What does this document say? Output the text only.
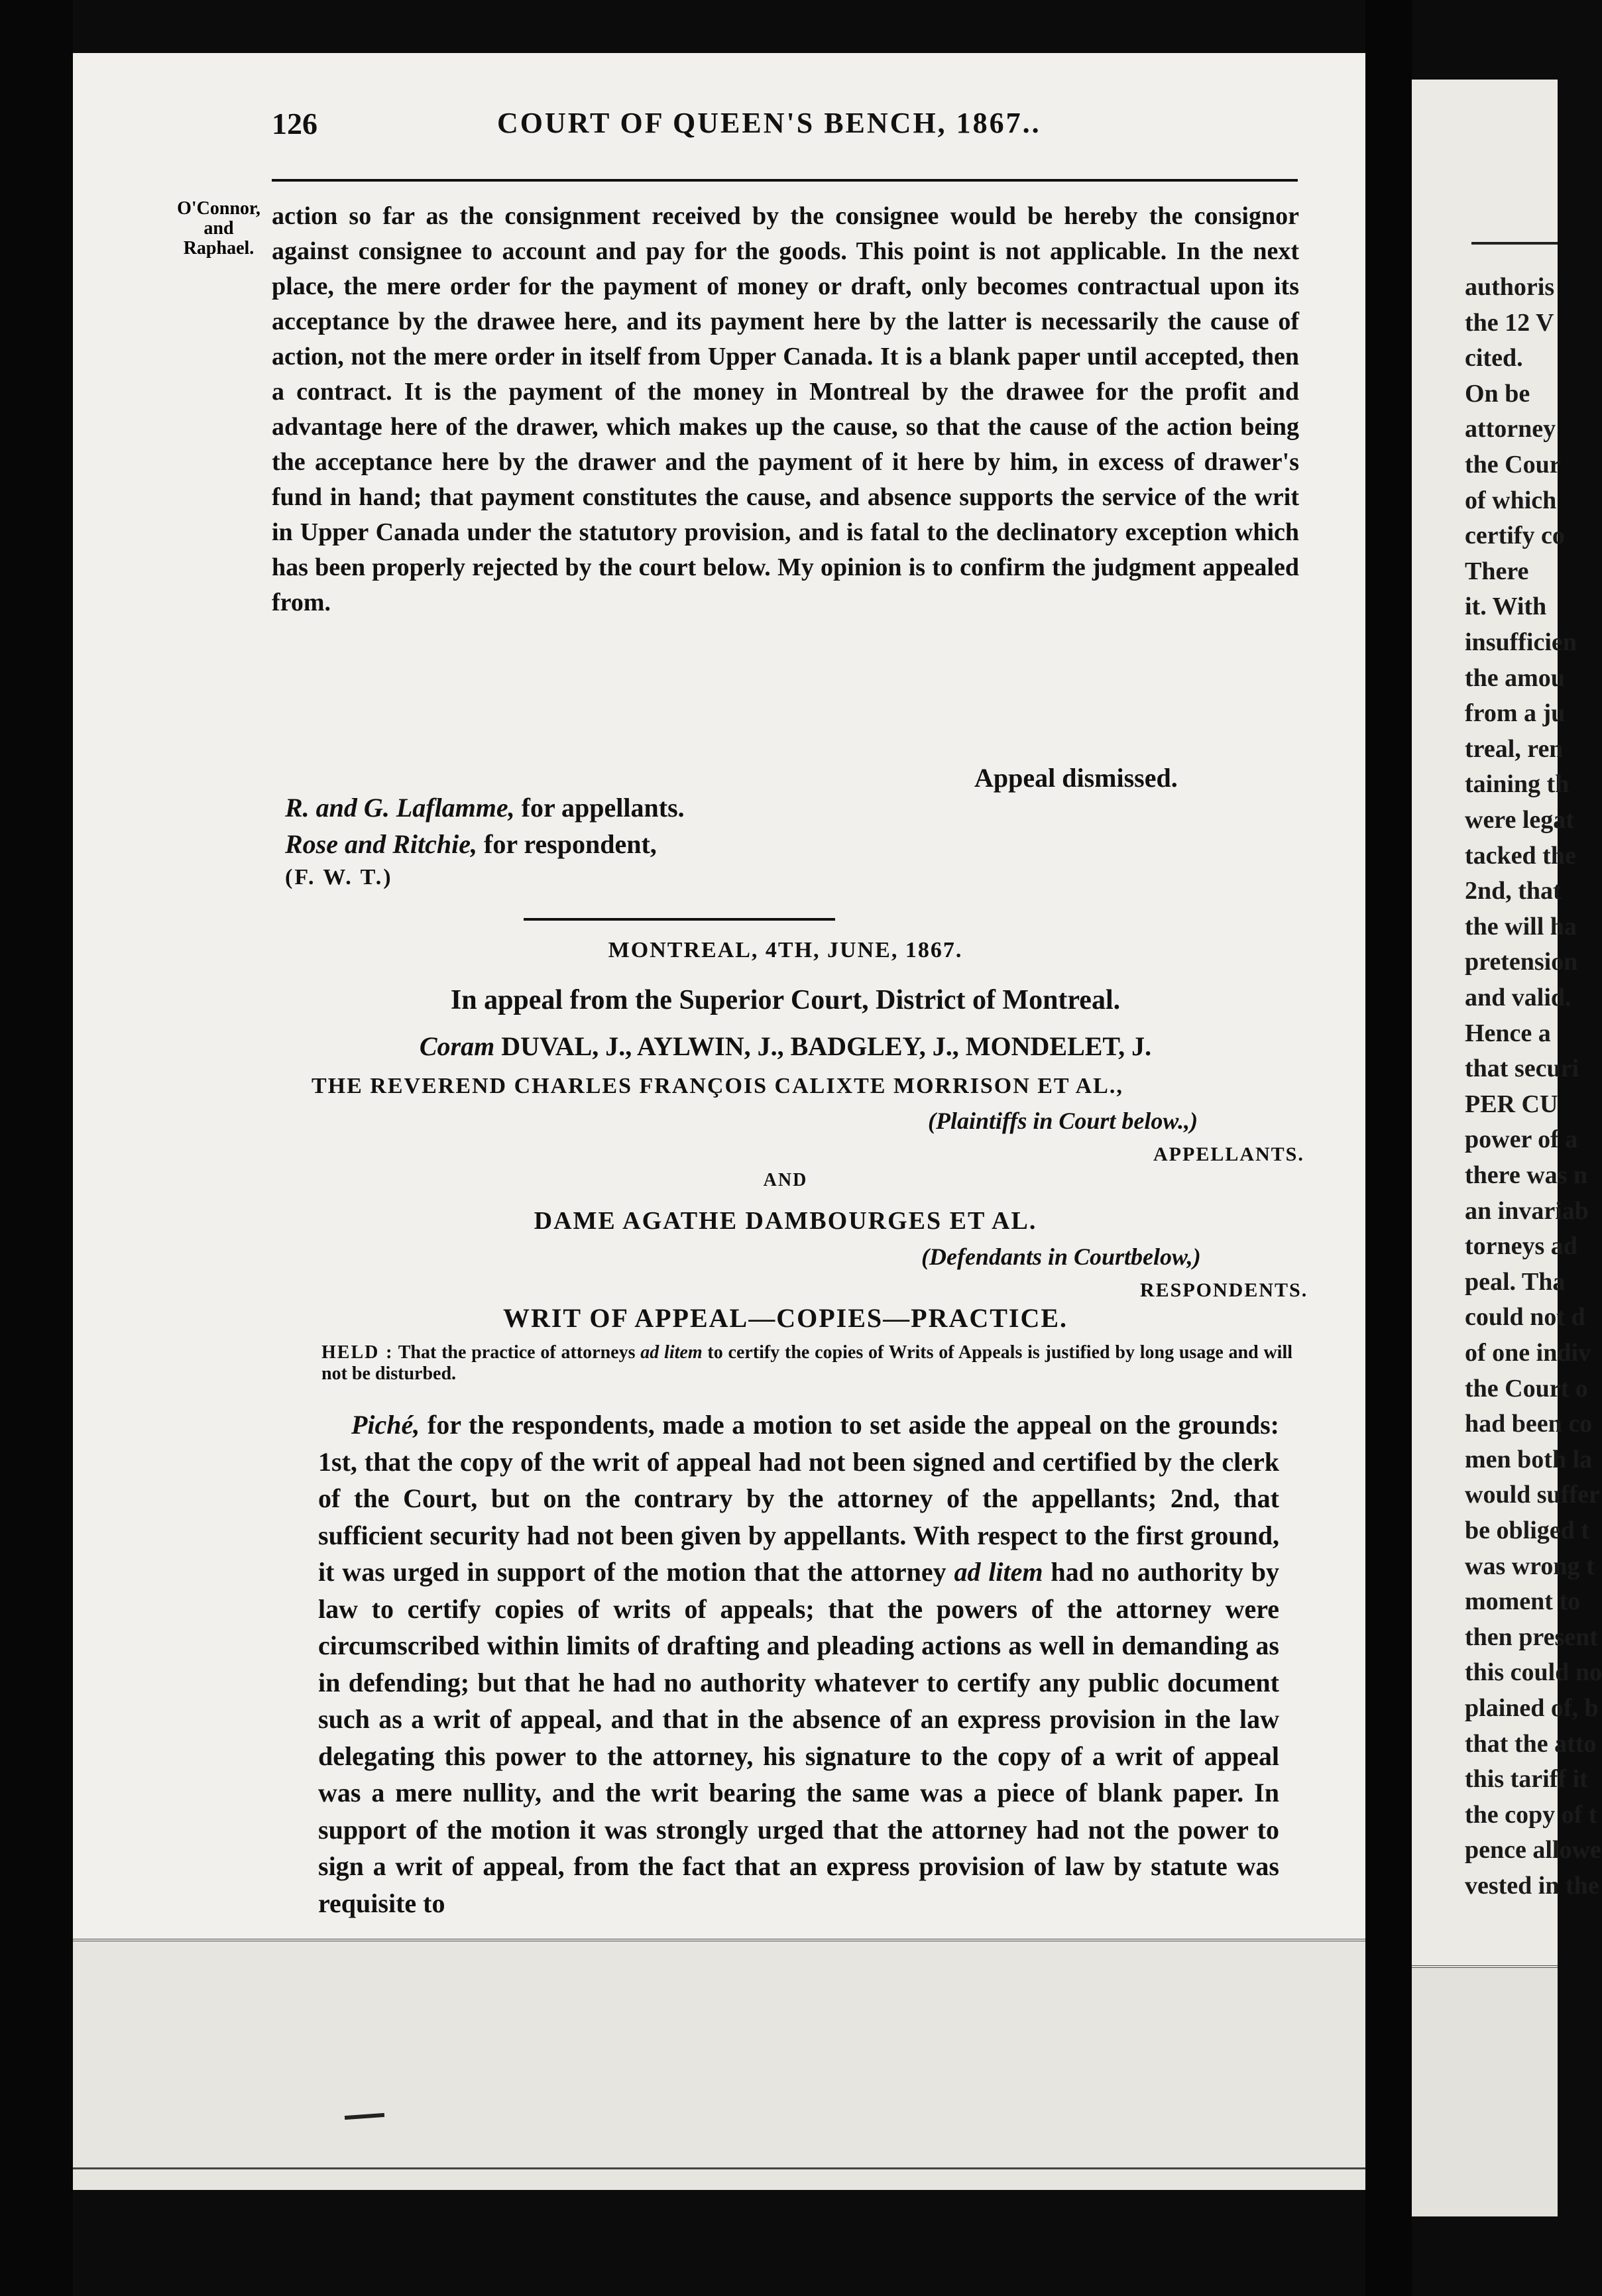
authoris
the 12 V
cited.
On be
attorney
the Cour
of which
certify co
There
it. With
insufficien
the amou
from a ju
treal, ren
taining th
were legat
tacked the
2nd, that
the will ha
pretension
and valid.
Hence a
that securi
PER CU
power of a
there was n
an invariab
torneys ad
peal. Tha
could not d
of one indiv
the Court o
had been co
men both la
would suffer
be obliged t
was wrong t
moment to
then present
this could no
plained of, b
that the atto
this tariff it
the copy of t
pence allowe
vested in the
126	COURT OF QUEEN'S BENCH, 1867..
O'Connor,
and
Raphael.
action so far as the consignment received by the consignee would be hereby the consignor against consignee to account and pay for the goods. This point is not applicable. In the next place, the mere order for the payment of money or draft, only becomes contractual upon its acceptance by the drawee here, and its payment here by the latter is necessarily the cause of action, not the mere order in itself from Upper Canada. It is a blank paper until accepted, then a contract. It is the payment of the money in Montreal by the drawee for the profit and advantage here of the drawer, which makes up the cause, so that the cause of the action being the acceptance here by the drawer and the payment of it here by him, in excess of drawer's fund in hand; that payment constitutes the cause, and absence supports the service of the writ in Upper Canada under the statutory provision, and is fatal to the declinatory exception which has been properly rejected by the court below. My opinion is to confirm the judgment appealed from.
Appeal dismissed.
R. and G. Laflamme, for appellants.
Rose and Ritchie, for respondent,
(F. W. T.)
MONTREAL, 4TH, JUNE, 1867.
In appeal from the Superior Court, District of Montreal.
Coram DUVAL, J., AYLWIN, J., BADGLEY, J., MONDELET, J.
THE REVEREND CHARLES FRANÇOIS CALIXTE MORRISON ET AL.,
(Plaintiffs in Court below.,)
APPELLANTS.
AND
DAME AGATHE DAMBOURGES ET AL.
(Defendants in Courtbelow,)
RESPONDENTS.
WRIT OF APPEAL—COPIES—PRACTICE.
HELD : That the practice of attorneys ad litem to certify the copies of Writs of Appeals is justified by long usage and will not be disturbed.
Piché, for the respondents, made a motion to set aside the appeal on the grounds: 1st, that the copy of the writ of appeal had not been signed and certified by the clerk of the Court, but on the contrary by the attorney of the appellants; 2nd, that sufficient security had not been given by appellants. With respect to the first ground, it was urged in support of the motion that the attorney ad litem had no authority by law to certify copies of writs of appeals; that the powers of the attorney were circumscribed within limits of drafting and pleading actions as well in demanding as in defending; but that he had no authority whatever to certify any public document such as a writ of appeal, and that in the absence of an express provision in the law delegating this power to the attorney, his signature to the copy of a writ of appeal was a mere nullity, and the writ bearing the same was a piece of blank paper. In support of the motion it was strongly urged that the attorney had not the power to sign a writ of appeal, from the fact that an express provision of law by statute was requisite to
